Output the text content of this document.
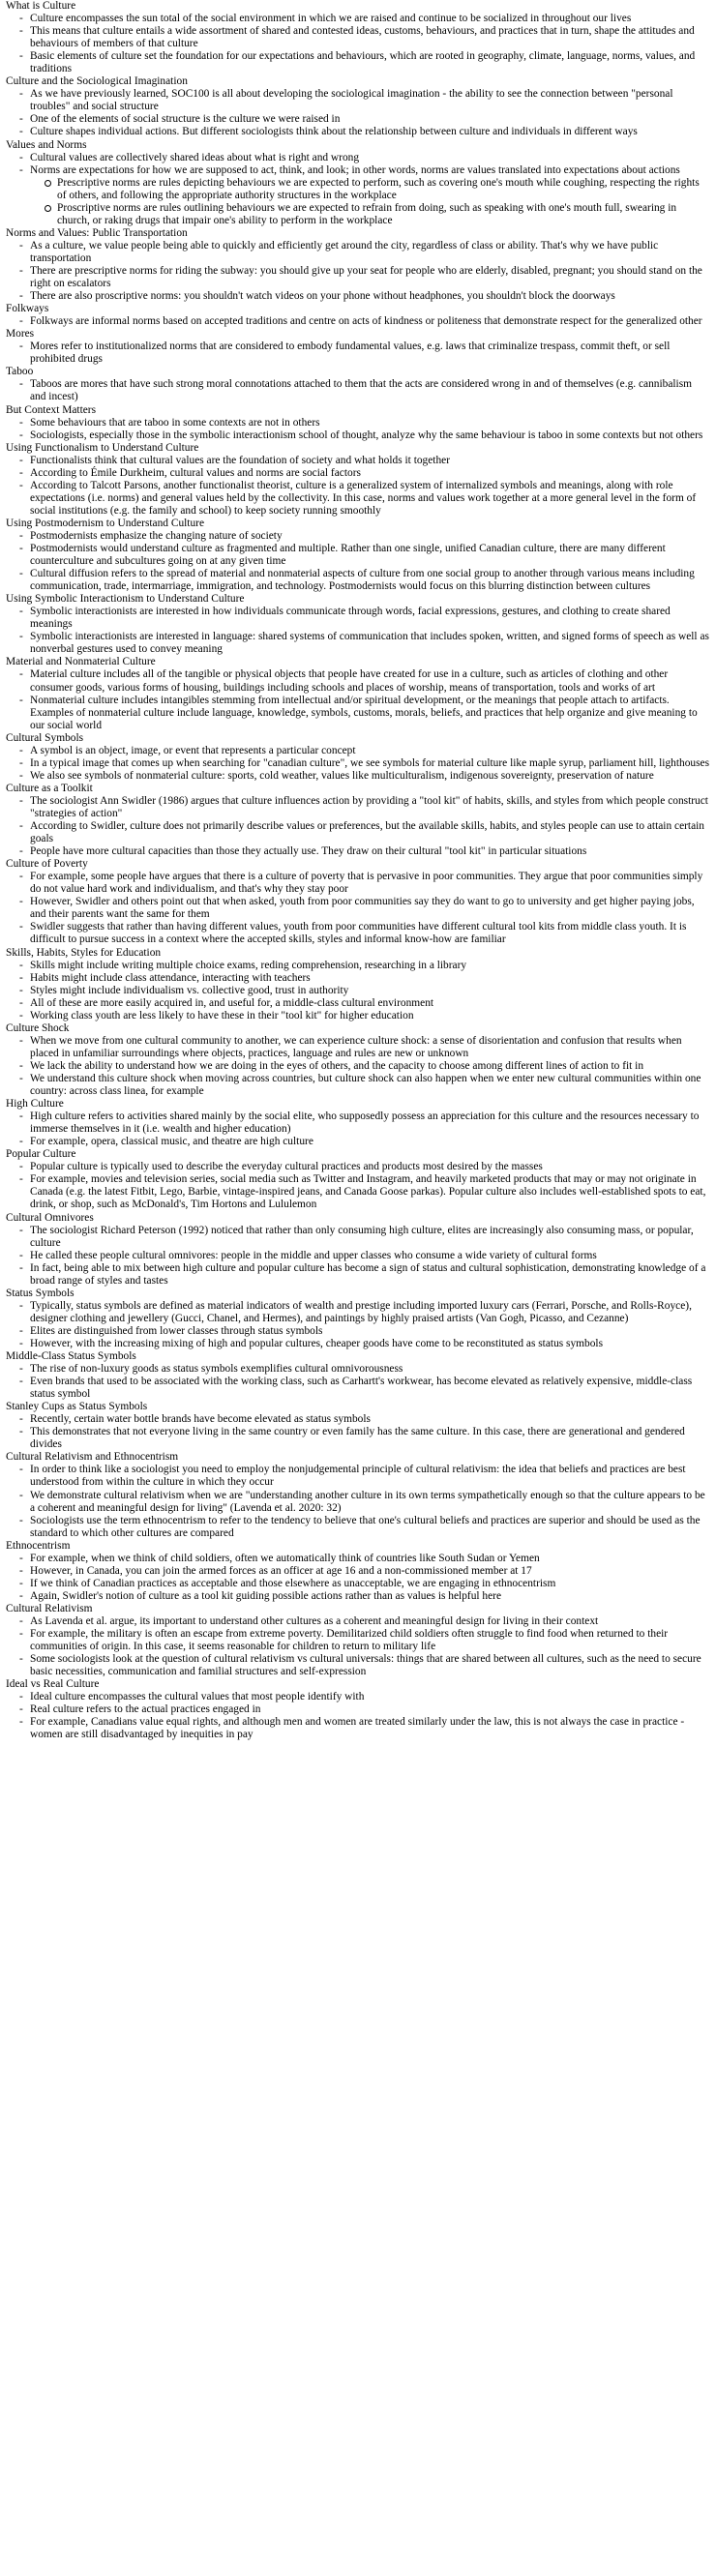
What is Culture
- Culture encompasses the sun total of the social environment in which we are raised and continue to be socialized in throughout our lives
- This means that culture entails a wide assortment of shared and contested ideas, customs, behaviours, and practices that in turn, shape the attitudes and behaviours of members of that culture
- Basic elements of culture set the foundation for our expectations and behaviours, which are rooted in geography, climate, language, norms, values, and traditions
Culture and the Sociological Imagination
- As we have previously learned, SOC100 is all about developing the sociological imagination - the ability to see the connection between "personal troubles" and social structure
- One of the elements of social structure is the culture we were raised in
- Culture shapes individual actions. But different sociologists think about the relationship between culture and individuals in different ways
Values and Norms
- Cultural values are collectively shared ideas about what is right and wrong
- Norms are expectations for how we are supposed to act, think, and look; in other words, norms are values translated into expectations about actions
Prescriptive norms are rules depicting behaviours we are expected to perform, such as covering one's mouth while coughing, respecting the rights of others, and following the appropriate authority structures in the workplace
Proscriptive norms are rules outlining behaviours we are expected to refrain from doing, such as speaking with one's mouth full, swearing in church, or raking drugs that impair one's ability to perform in the workplace
Norms and Values: Public Transportation
- As a culture, we value people being able to quickly and efficiently get around the city, regardless of class or ability. That's why we have public transportation
- There are prescriptive norms for riding the subway: you should give up your seat for people who are elderly, disabled, pregnant; you should stand on the right on escalators
- There are also proscriptive norms: you shouldn't watch videos on your phone without headphones, you shouldn't block the doorways
Folkways
- Folkways are informal norms based on accepted traditions and centre on acts of kindness or politeness that demonstrate respect for the generalized other
Mores
- Mores refer to institutionalized norms that are considered to embody fundamental values, e.g. laws that criminalize trespass, commit theft, or sell prohibited drugs
Taboo
- Taboos are mores that have such strong moral connotations attached to them that the acts are considered wrong in and of themselves (e.g. cannibalism and incest)
But Context Matters
- Some behaviours that are taboo in some contexts are not in others
- Sociologists, especially those in the symbolic interactionism school of thought, analyze why the same behaviour is taboo in some contexts but not others
Using Functionalism to Understand Culture
- Functionalists think that cultural values are the foundation of society and what holds it together
- According to Émile Durkheim, cultural values and norms are social factors
- According to Talcott Parsons, another functionalist theorist, culture is a generalized system of internalized symbols and meanings, along with role expectations (i.e. norms) and general values held by the collectivity. In this case, norms and values work together at a more general level in the form of social institutions (e.g. the family and school) to keep society running smoothly
Using Postmodernism to Understand Culture
- Postmodernists emphasize the changing nature of society
- Postmodernists would understand culture as fragmented and multiple. Rather than one single, unified Canadian culture, there are many different counterculture and subcultures going on at any given time
- Cultural diffusion refers to the spread of material and nonmaterial aspects of culture from one social group to another through various means including communication, trade, intermarriage, immigration, and technology. Postmodernists would focus on this blurring distinction between cultures
Using Symbolic Interactionism to Understand Culture
- Symbolic interactionists are interested in how individuals communicate through words, facial expressions, gestures, and clothing to create shared meanings
- Symbolic interactionists are interested in language: shared systems of communication that includes spoken, written, and signed forms of speech as well as nonverbal gestures used to convey meaning
Material and Nonmaterial Culture
- Material culture includes all of the tangible or physical objects that people have created for use in a culture, such as articles of clothing and other consumer goods, various forms of housing, buildings including schools and places of worship, means of transportation, tools and works of art
- Nonmaterial culture includes intangibles stemming from intellectual and/or spiritual development, or the meanings that people attach to artifacts. Examples of nonmaterial culture include language, knowledge, symbols, customs, morals, beliefs, and practices that help organize and give meaning to our social world
Cultural Symbols
- A symbol is an object, image, or event that represents a particular concept
- In a typical image that comes up when searching for "canadian culture", we see symbols for material culture like maple syrup, parliament hill, lighthouses
- We also see symbols of nonmaterial culture: sports, cold weather, values like multiculturalism, indigenous sovereignty, preservation of nature
Culture as a Toolkit
- The sociologist Ann Swidler (1986) argues that culture influences action by providing a "tool kit" of habits, skills, and styles from which people construct "strategies of action"
- According to Swidler, culture does not primarily describe values or preferences, but the available skills, habits, and styles people can use to attain certain goals
- People have more cultural capacities than those they actually use. They draw on their cultural "tool kit" in particular situations
Culture of Poverty
- For example, some people have argues that there is a culture of poverty that is pervasive in poor communities. They argue that poor communities simply do not value hard work and individualism, and that's why they stay poor
- However, Swidler and others point out that when asked, youth from poor communities say they do want to go to university and get higher paying jobs, and their parents want the same for them
- Swidler suggests that rather than having different values, youth from poor communities have different cultural tool kits from middle class youth. It is difficult to pursue success in a context where the accepted skills, styles and informal know-how are familiar
Skills, Habits, Styles for Education
- Skills might include writing multiple choice exams, reding comprehension, researching in a library
- Habits might include class attendance, interacting with teachers
- Styles might include individualism vs. collective good, trust in authority
- All of these are more easily acquired in, and useful for, a middle-class cultural environment
- Working class youth are less likely to have these in their "tool kit" for higher education
Culture Shock
- When we move from one cultural community to another, we can experience culture shock: a sense of disorientation and confusion that results when placed in unfamiliar surroundings where objects, practices, language and rules are new or unknown
- We lack the ability to understand how we are doing in the eyes of others, and the capacity to choose among different lines of action to fit in
- We understand this culture shock when moving across countries, but culture shock can also happen when we enter new cultural communities within one country: across class linea, for example
High Culture
- High culture refers to activities shared mainly by the social elite, who supposedly possess an appreciation for this culture and the resources necessary to immerse themselves in it (i.e. wealth and higher education)
- For example, opera, classical music, and theatre are high culture
Popular Culture
- Popular culture is typically used to describe the everyday cultural practices and products most desired by the masses
- For example, movies and television series, social media such as Twitter and Instagram, and heavily marketed products that may or may not originate in Canada (e.g. the latest Fitbit, Lego, Barbie, vintage-inspired jeans, and Canada Goose parkas). Popular culture also includes well-established spots to eat, drink, or shop, such as McDonald's, Tim Hortons and Lululemon
Cultural Omnivores
- The sociologist Richard Peterson (1992) noticed that rather than only consuming high culture, elites are increasingly also consuming mass, or popular, culture
- He called these people cultural omnivores: people in the middle and upper classes who consume a wide variety of cultural forms
- In fact, being able to mix between high culture and popular culture has become a sign of status and cultural sophistication, demonstrating knowledge of a broad range of styles and tastes
Status Symbols
- Typically, status symbols are defined as material indicators of wealth and prestige including imported luxury cars (Ferrari, Porsche, and Rolls-Royce), designer clothing and jewellery (Gucci, Chanel, and Hermes), and paintings by highly praised artists (Van Gogh, Picasso, and Cezanne)
- Elites are distinguished from lower classes through status symbols
- However, with the increasing mixing of high and popular cultures, cheaper goods have come to be reconstituted as status symbols
Middle-Class Status Symbols
- The rise of non-luxury goods as status symbols exemplifies cultural omnivorousness
- Even brands that used to be associated with the working class, such as Carhartt's workwear, has become elevated as relatively expensive, middle-class status symbol
Stanley Cups as Status Symbols
- Recently, certain water bottle brands have become elevated as status symbols
- This demonstrates that not everyone living in the same country or even family has the same culture. In this case, there are generational and gendered divides
Cultural Relativism and Ethnocentrism
- In order to think like a sociologist you need to employ the nonjudgemental principle of cultural relativism: the idea that beliefs and practices are best understood from within the culture in which they occur
- We demonstrate cultural relativism when we are "understanding another culture in its own terms sympathetically enough so that the culture appears to be a coherent and meaningful design for living" (Lavenda et al. 2020: 32)
- Sociologists use the term ethnocentrism to refer to the tendency to believe that one's cultural beliefs and practices are superior and should be used as the standard to which other cultures are compared
Ethnocentrism
- For example, when we think of child soldiers, often we automatically think of countries like South Sudan or Yemen
- However, in Canada, you can join the armed forces as an officer at age 16 and a non-commissioned member at 17
- If we think of Canadian practices as acceptable and those elsewhere as unacceptable, we are engaging in ethnocentrism
- Again, Swidler's notion of culture as a tool kit guiding possible actions rather than as values is helpful here
Cultural Relativism
- As Lavenda et al. argue, its important to understand other cultures as a coherent and meaningful design for living in their context
- For example, the military is often an escape from extreme poverty. Demilitarized child soldiers often struggle to find food when returned to their communities of origin. In this case, it seems reasonable for children to return to military life
- Some sociologists look at the question of cultural relativism vs cultural universals: things that are shared between all cultures, such as the need to secure basic necessities, communication and familial structures and self-expression
Ideal vs Real Culture
- Ideal culture encompasses the cultural values that most people identify with
- Real culture refers to the actual practices engaged in
- For example, Canadians value equal rights, and although men and women are treated similarly under the law, this is not always the case in practice - women are still disadvantaged by inequities in pay
